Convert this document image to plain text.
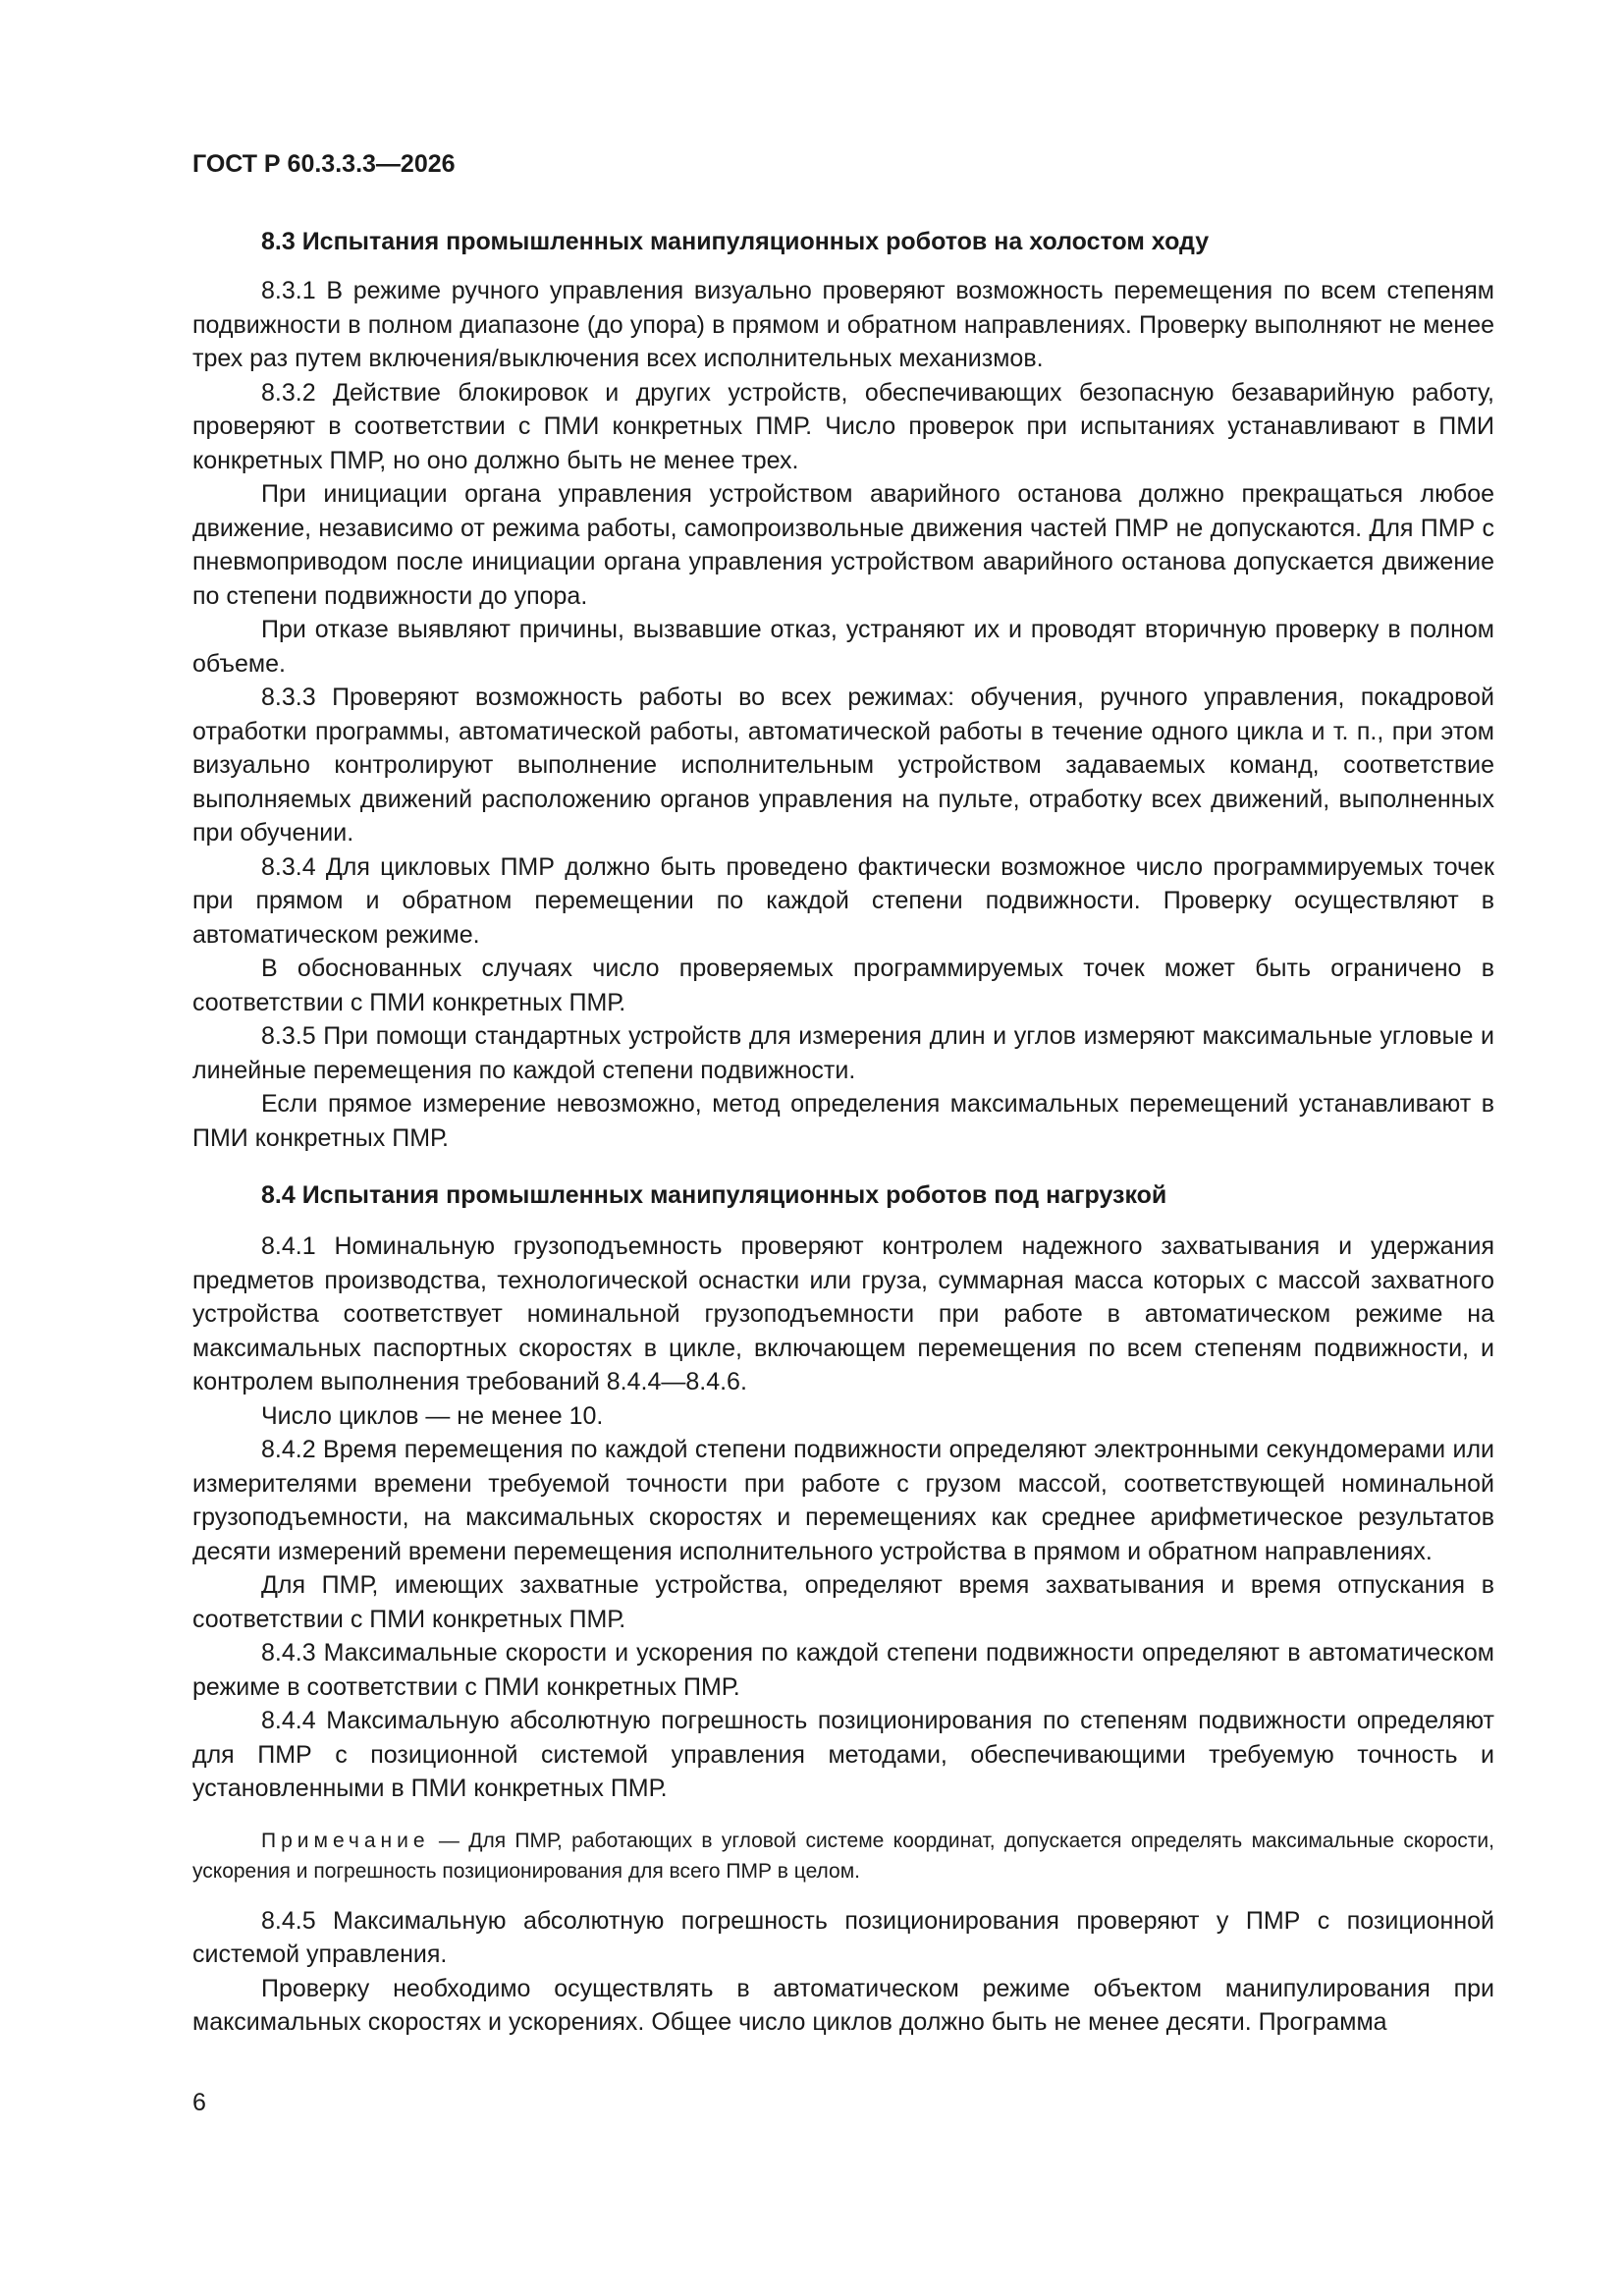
ГОСТ Р 60.3.3.3—2026

8.3 Испытания промышленных манипуляционных роботов на холостом ходу

8.3.1 В режиме ручного управления визуально проверяют возможность перемещения по всем степеням подвижности в полном диапазоне (до упора) в прямом и обратном направлениях. Проверку выполняют не менее трех раз путем включения/выключения всех исполнительных механизмов.

8.3.2 Действие блокировок и других устройств, обеспечивающих безопасную безаварийную работу, проверяют в соответствии с ПМИ конкретных ПМР. Число проверок при испытаниях устанавливают в ПМИ конкретных ПМР, но оно должно быть не менее трех.

При инициации органа управления устройством аварийного останова должно прекращаться любое движение, независимо от режима работы, самопроизвольные движения частей ПМР не допускаются. Для ПМР с пневмоприводом после инициации органа управления устройством аварийного останова допускается движение по степени подвижности до упора.

При отказе выявляют причины, вызвавшие отказ, устраняют их и проводят вторичную проверку в полном объеме.

8.3.3 Проверяют возможность работы во всех режимах: обучения, ручного управления, покадровой отработки программы, автоматической работы, автоматической работы в течение одного цикла и т. п., при этом визуально контролируют выполнение исполнительным устройством задаваемых команд, соответствие выполняемых движений расположению органов управления на пульте, отработку всех движений, выполненных при обучении.

8.3.4 Для цикловых ПМР должно быть проведено фактически возможное число программируемых точек при прямом и обратном перемещении по каждой степени подвижности. Проверку осуществляют в автоматическом режиме.

В обоснованных случаях число проверяемых программируемых точек может быть ограничено в соответствии с ПМИ конкретных ПМР.

8.3.5 При помощи стандартных устройств для измерения длин и углов измеряют максимальные угловые и линейные перемещения по каждой степени подвижности.

Если прямое измерение невозможно, метод определения максимальных перемещений устанавливают в ПМИ конкретных ПМР.

8.4 Испытания промышленных манипуляционных роботов под нагрузкой

8.4.1 Номинальную грузоподъемность проверяют контролем надежного захватывания и удержания предметов производства, технологической оснастки или груза, суммарная масса которых с массой захватного устройства соответствует номинальной грузоподъемности при работе в автоматическом режиме на максимальных паспортных скоростях в цикле, включающем перемещения по всем степеням подвижности, и контролем выполнения требований 8.4.4—8.4.6.

Число циклов — не менее 10.

8.4.2 Время перемещения по каждой степени подвижности определяют электронными секундомерами или измерителями времени требуемой точности при работе с грузом массой, соответствующей номинальной грузоподъемности, на максимальных скоростях и перемещениях как среднее арифметическое результатов десяти измерений времени перемещения исполнительного устройства в прямом и обратном направлениях.

Для ПМР, имеющих захватные устройства, определяют время захватывания и время отпускания в соответствии с ПМИ конкретных ПМР.

8.4.3 Максимальные скорости и ускорения по каждой степени подвижности определяют в автоматическом режиме в соответствии с ПМИ конкретных ПМР.

8.4.4 Максимальную абсолютную погрешность позиционирования по степеням подвижности определяют для ПМР с позиционной системой управления методами, обеспечивающими требуемую точность и установленными в ПМИ конкретных ПМР.

Примечание — Для ПМР, работающих в угловой системе координат, допускается определять максимальные скорости, ускорения и погрешность позиционирования для всего ПМР в целом.

8.4.5 Максимальную абсолютную погрешность позиционирования проверяют у ПМР с позиционной системой управления.

Проверку необходимо осуществлять в автоматическом режиме объектом манипулирования при максимальных скоростях и ускорениях. Общее число циклов должно быть не менее десяти. Программа

6
